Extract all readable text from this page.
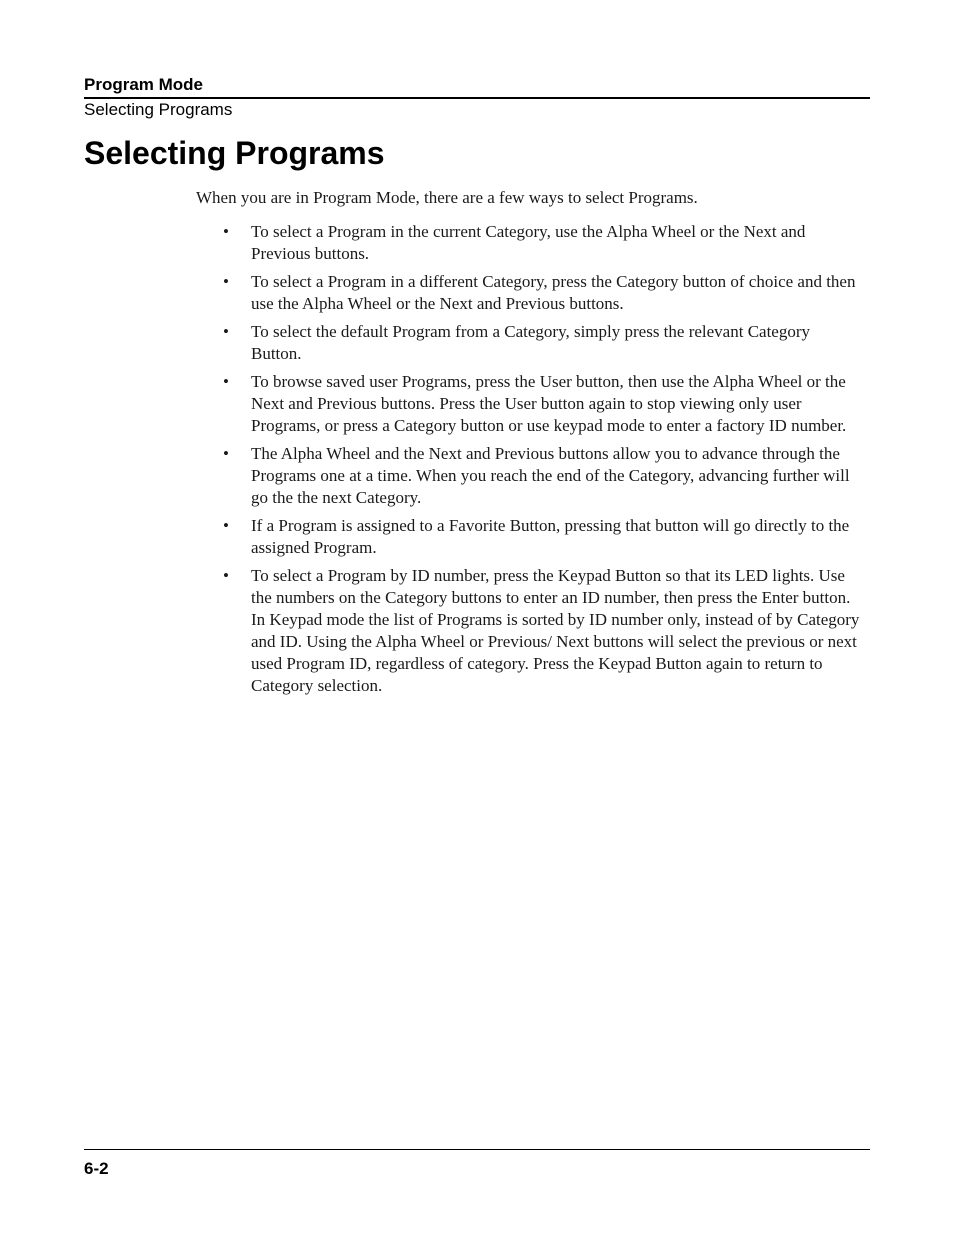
Program Mode
Selecting Programs
Selecting Programs

When you are in Program Mode, there are a few ways to select Programs.

• To select a Program in the current Category, use the Alpha Wheel or the Next and Previous buttons.
• To select a Program in a different Category, press the Category button of choice and then use the Alpha Wheel or the Next and Previous buttons.
• To select the default Program from a Category, simply press the relevant Category Button.
• To browse saved user Programs, press the User button, then use the Alpha Wheel or the Next and Previous buttons. Press the User button again to stop viewing only user Programs, or press a Category button or use keypad mode to enter a factory ID number.
• The Alpha Wheel and the Next and Previous buttons allow you to advance through the Programs one at a time. When you reach the end of the Category, advancing further will go the the next Category.
• If a Program is assigned to a Favorite Button, pressing that button will go directly to the assigned Program.
• To select a Program by ID number, press the Keypad Button so that its LED lights. Use the numbers on the Category buttons to enter an ID number, then press the Enter button. In Keypad mode the list of Programs is sorted by ID number only, instead of by Category and ID. Using the Alpha Wheel or Previous/ Next buttons will select the previous or next used Program ID, regardless of category. Press the Keypad Button again to return to Category selection.
6-2
